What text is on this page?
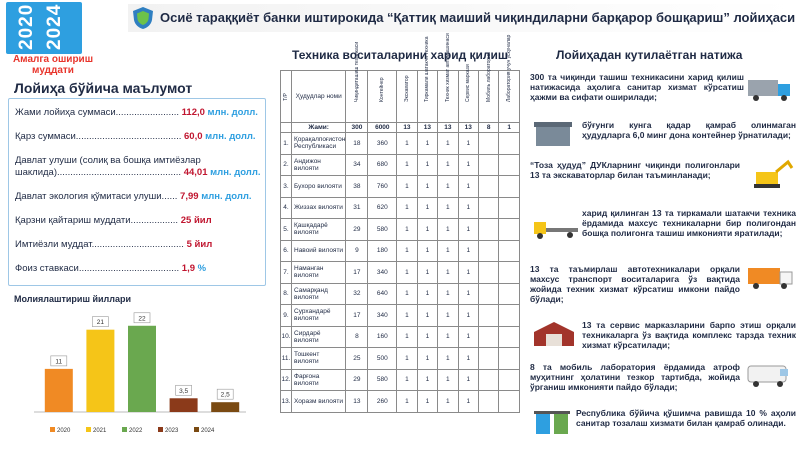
2020 2024
Амалга ошириш муддати
Осиё тараққиёт банки иштирокида “Қаттиқ маиший чиқиндиларни барқарор бошқариш” лойиҳаси
Лойиҳа бўйича маълумот
Жами лойиҳа суммаси........................ 112,0 млн. долл.
Қарз суммаси........................................ 60,0 млн. долл.
Давлат улуши (солиқ ва бошқа имтиёзлар шаклида)............................................... 44,01 млн. долл.
Давлат экология қўмитаси улуши...... 7,99 млн. долл.
Қарзни қайтариш муддати.................. 25 йил
Имтиёзли муддат................................... 5 йил
Фоиз ставкаси...................................... 1,9 %
Молиялаштириш йиллари
11
21
22
3,5
2,5
2020	2021	2022	2023	2024
Техника воситаларини харид қилиш
Т/Р	Ҳудудлар номи	Чиқиндиташиш техникаси	Контейнер	Экскаватор	Тиркамали шатакчи техника	Техник хизмат автомашинаси	Сервис маркази	Мобиль лаборатория	Лаборатория учун ускуналар

	Жами:	300	6000	13	13	13	13	8	1
1.	Қорақалпоғистон Республикаси	18	360	1	1	1	1		
2.	Андижон вилояти	34	680	1	1	1	1		
3.	Бухоро вилояти	38	760	1	1	1	1		
4.	Жиззах вилояти	31	620	1	1	1	1		
5.	Қашқадарё вилояти	29	580	1	1	1	1		
6.	Навоий вилояти	9	180	1	1	1	1		
7.	Наманган вилояти	17	340	1	1	1	1		
8.	Самарқанд вилояти	32	640	1	1	1	1		
9.	Сурхандарё вилояти	17	340	1	1	1	1		
10.	Сирдарё вилояти	8	160	1	1	1	1		
11.	Тошкент вилояти	25	500	1	1	1	1		
12.	Фарғона вилояти	29	580	1	1	1	1		
13.	Хоразм вилояти	13	260	1	1	1	1		
Лойиҳадан кутилаётган натижа
300 та чиқинди ташиш техникасини харид қилиш натижасида аҳолига санитар хизмат кўрсатиш ҳажми ва сифати оширилади;
бўғунги кунга қадар қамраб олинмаган ҳудудларга 6,0 минг дона контейнер ўрнатилади;
“Тоза ҳудуд” ДУКларнинг чиқинди полигонлари 13 та экскаваторлар билан таъминланади;
харид қилинган 13 та тиркамали шатакчи техника ёрдамида махсус техникаларни бир полигондан бошқа полигонга ташиш имконияти яратилади;
13 та таъмирлаш автотехникалари орқали махсус транспорт воситаларига ўз вақтида жойида техник хизмат кўрсатиш имкони пайдо бўлади;
13 та сервис марказларини барпо этиш орқали техникаларга ўз вақтида комплекс тарзда техник хизмат кўрсатилади;
8 та мобиль лаборатория ёрдамида атроф муҳитнинг ҳолатини тезкор тартибда, жойида ўрганиш имконияти пайдо бўлади;
Республика бўйича қўшимча равишда 10 % аҳоли санитар тозалаш хизмати билан қамраб олинади.
